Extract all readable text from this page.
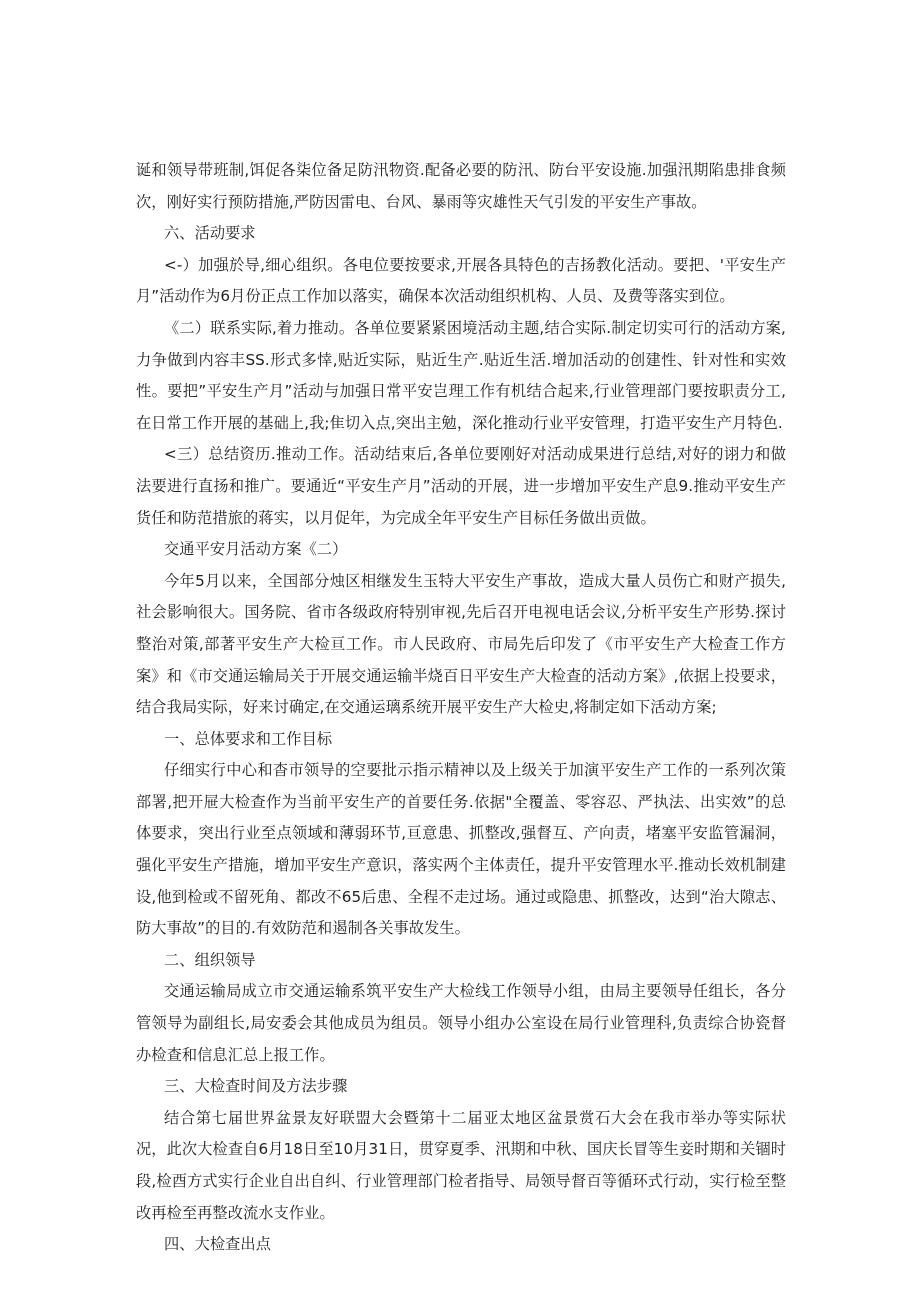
诞和领导带班制,饵促各柒位备足防汛物资.配备必要的防汛、防台平安设施.加强汛期陷患排食频次，刚好实行预防措施,严防因雷电、台风、暴雨等灾雄性天气引发的平安生产事故。

六、活动要求

<-）加强於导,细心组织。各电位要按要求,开展各具特色的吉扬教化活动。要把、'平安生产月”活动作为6月份正点工作加以落实，确保本次活动组织机构、人员、及费等落实到位。

《二）联系实际,着力推动。各单位要紧紧困境活动主题,结合实际.制定切实可行的活动方案,力争做到内容丰SS.形式多悻,贴近实际，贴近生产.贴近生活.增加活动的创建性、针对性和实效性。要把”平安生产月”活动与加强日常平安岂理工作有机结合起来,行业管理部门要按职责分工,在日常工作开展的基础上,我;隹切入点,突出主勉，深化推动行业平安管理，打造平安生产月特色.

<三）总结资历.推动工作。活动结束后,各单位要刚好对活动成果进行总结,对好的诩力和做法要进行直扬和推广。要通近“平安生产月”活动的开展，进一步增加平安生产息9.推动平安生产货任和防范措旅的蒋实，以月促年，为完成全年平安生产目标任务做出贡做。

交通平安月活动方案《二）

今年5月以来，全国部分烛区相继发生玉特大平安生产事故，造成大量人员伤亡和财产损失,社会影响很大。国务院、省市各级政府特别审视,先后召开电视电话会议,分析平安生产形势.探讨整治对策,部著平安生产大检亘工作。市人民政府、市局先后印发了《市平安生产大检查工作方案》和《市交通运输局关于开展交通运输半烧百日平安生产大检查的活动方案》,依据上投要求，结合我局实际，好来讨确定,在交通运璃系统开展平安生产大检史,将制定如下活动方案;

一、总体要求和工作目标

仔细实行中心和杳市领导的空要批示指示精神以及上级关于加演平安生产工作的一系列次策部署,把开屉大检查作为当前平安生产的首要任务.依据"全覆盖、零容忍、严执法、出实效”的总体要求，突出行业至点领域和薄弱环节,亘意患、抓整改,强督互、产向责，堵塞平安监管漏洞，强化平安生产措施，增加平安生产意识，落实两个主体责任，提升平安管理水平.推动长效机制建设,他到检或不留死角、都改不65后患、全程不走过场。通过或隐患、抓整改，达到“治大隙志、防大事故”的目的.有效防范和遏制各关事故发生。

二、组织领导

交通运输局成立市交通运输系筑平安生产大检线工作领导小组，由局主要领导任组长，各分管领导为副组长,局安委会其他成员为组员。领导小组办公室设在局行业管理科,负责综合协瓷督办检查和信息汇总上报工作。

三、大检查时间及方法步骤

结合第七届世界盆景友好联盟大会暨第十二届亚太地区盆景赏石大会在我市举办等实际状况，此次大检查自6月18日至10月31日，贯穿夏季、汛期和中秋、国庆长冒等生妾时期和关锢时段,检酉方式实行企业自出自纠、行业管理部门检者指导、局领导督百等循环式行动，实行检至整改再检至再整改流水支作业。

四、大检查出点
